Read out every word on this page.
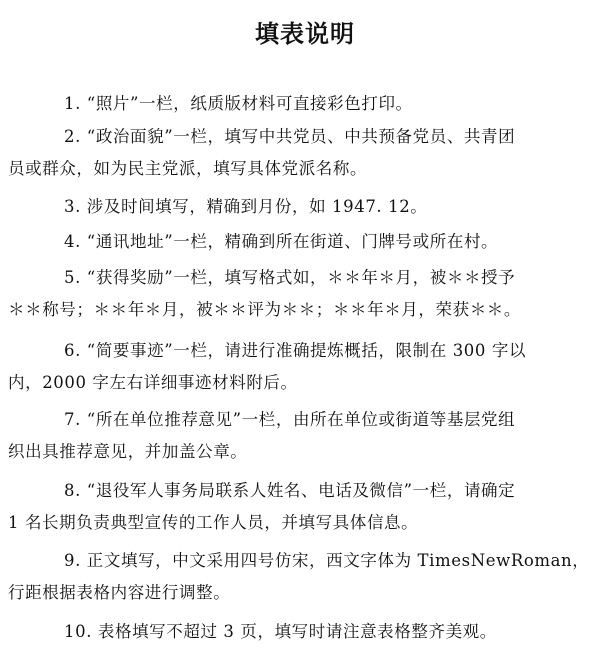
填表说明
1. “照片”一栏，纸质版材料可直接彩色打印。
2. “政治面貌”一栏，填写中共党员、中共预备党员、共青团
员或群众，如为民主党派，填写具体党派名称。
3. 涉及时间填写，精确到月份，如 1947. 12。
4. “通讯地址”一栏，精确到所在街道、门牌号或所在村。
5. “获得奖励”一栏，填写格式如，＊＊年＊月，被＊＊授予
＊＊称号；＊＊年＊月，被＊＊评为＊＊；＊＊年＊月，荣获＊＊。
6. “简要事迹”一栏，请进行准确提炼概括，限制在 300 字以
内，2000 字左右详细事迹材料附后。
7. “所在单位推荐意见”一栏，由所在单位或街道等基层党组
织出具推荐意见，并加盖公章。
8. “退役军人事务局联系人姓名、电话及微信”一栏，请确定
1 名长期负责典型宣传的工作人员，并填写具体信息。
9. 正文填写，中文采用四号仿宋，西文字体为 TimesNewRoman，
行距根据表格内容进行调整。
10. 表格填写不超过 3 页，填写时请注意表格整齐美观。
